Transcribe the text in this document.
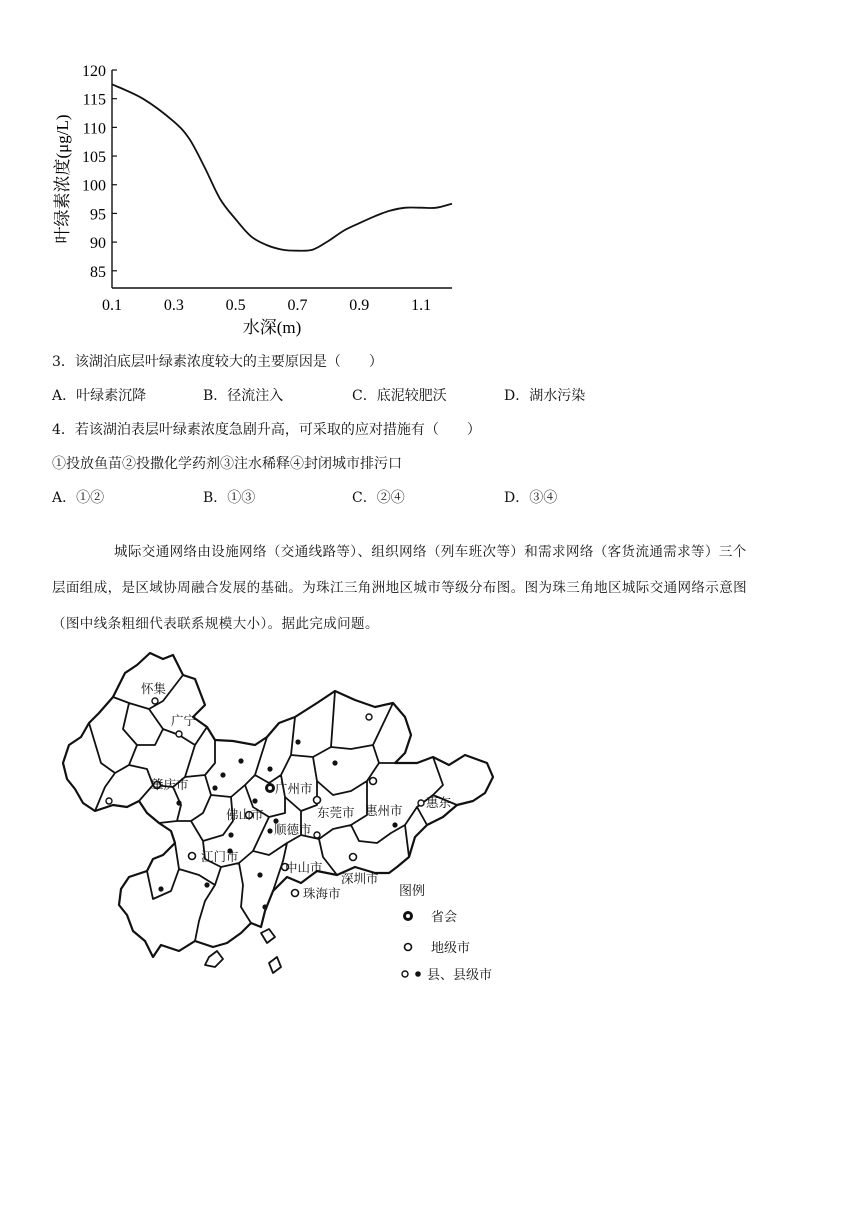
85
90
95
100
105
110
115
120
0.1	0.3	0.5	0.7	0.9	1.1
叶绿素浓度(μg/L)
水深(m)
3．该湖泊底层叶绿素浓度较大的主要原因是（　　）
A．叶绿素沉降	B．径流注入	C．底泥较肥沃	D．湖水污染
4．若该湖泊表层叶绿素浓度急剧升高，可采取的应对措施有（　　）
①投放鱼苗②投撒化学药剂③注水稀释④封闭城市排污口
A．①②	B．①③	C．②④	D．③④
城际交通网络由设施网络（交通线路等）、组织网络（列车班次等）和需求网络（客货流通需求等）三个
层面组成，是区域协周融合发展的基础。为珠江三角洲地区城市等级分布图。图为珠三角地区城际交通网络示意图
（图中线条粗细代表联系规模大小）。据此完成问题。
怀集
广宁
肇庆市	广州市
佛山市
顺德市
东莞市 惠州市
惠东
江门市
中山市
深圳市
珠海市	图例
省会
地级市
县、县级市
